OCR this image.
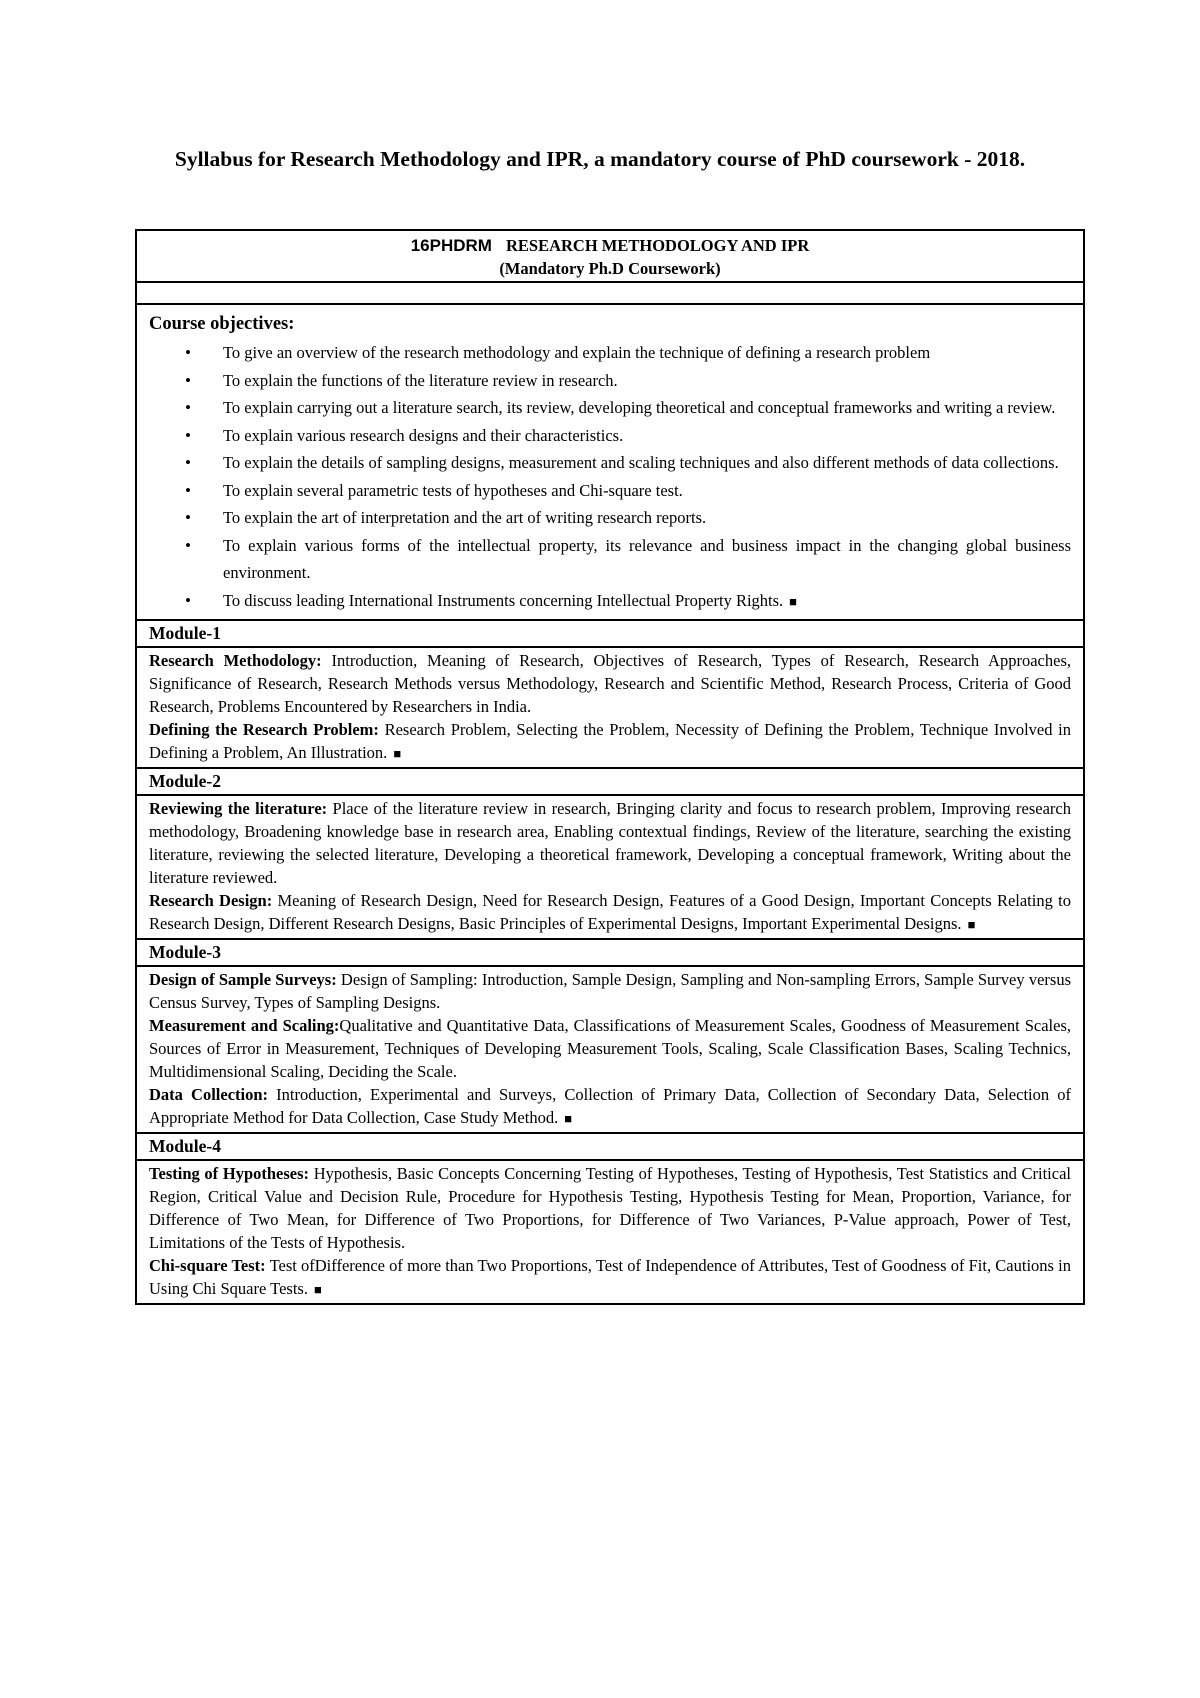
Syllabus for Research Methodology and IPR, a mandatory course of PhD coursework - 2018.
16PHDRM RESEARCH METHODOLOGY AND IPR
(Mandatory Ph.D Coursework)

Course objectives:
• To give an overview of the research methodology and explain the technique of defining a research problem
• To explain the functions of the literature review in research.
• To explain carrying out a literature search, its review, developing theoretical and conceptual frameworks and writing a review.
• To explain various research designs and their characteristics.
• To explain the details of sampling designs, measurement and scaling techniques and also different methods of data collections.
• To explain several parametric tests of hypotheses and Chi-square test.
• To explain the art of interpretation and the art of writing research reports.
• To explain various forms of the intellectual property, its relevance and business impact in the changing global business environment.
• To discuss leading International Instruments concerning Intellectual Property Rights. ■

Module-1

Research Methodology: Introduction, Meaning of Research, Objectives of Research, Types of Research, Research Approaches, Significance of Research, Research Methods versus Methodology, Research and Scientific Method, Research Process, Criteria of Good Research, Problems Encountered by Researchers in India.

Defining the Research Problem: Research Problem, Selecting the Problem, Necessity of Defining the Problem, Technique Involved in Defining a Problem, An Illustration. ■

Module-2

Reviewing the literature: Place of the literature review in research, Bringing clarity and focus to research problem, Improving research methodology, Broadening knowledge base in research area, Enabling contextual findings, Review of the literature, searching the existing literature, reviewing the selected literature, Developing a theoretical framework, Developing a conceptual framework, Writing about the literature reviewed.

Research Design: Meaning of Research Design, Need for Research Design, Features of a Good Design, Important Concepts Relating to Research Design, Different Research Designs, Basic Principles of Experimental Designs, Important Experimental Designs. ■

Module-3

Design of Sample Surveys: Design of Sampling: Introduction, Sample Design, Sampling and Non-sampling Errors, Sample Survey versus Census Survey, Types of Sampling Designs.

Measurement and Scaling:Qualitative and Quantitative Data, Classifications of Measurement Scales, Goodness of Measurement Scales, Sources of Error in Measurement, Techniques of Developing Measurement Tools, Scaling, Scale Classification Bases, Scaling Technics, Multidimensional Scaling, Deciding the Scale.

Data Collection: Introduction, Experimental and Surveys, Collection of Primary Data, Collection of Secondary Data, Selection of Appropriate Method for Data Collection, Case Study Method. ■

Module-4

Testing of Hypotheses: Hypothesis, Basic Concepts Concerning Testing of Hypotheses, Testing of Hypothesis, Test Statistics and Critical Region, Critical Value and Decision Rule, Procedure for Hypothesis Testing, Hypothesis Testing for Mean, Proportion, Variance, for Difference of Two Mean, for Difference of Two Proportions, for Difference of Two Variances, P-Value approach, Power of Test, Limitations of the Tests of Hypothesis.

Chi-square Test: Test ofDifference of more than Two Proportions, Test of Independence of Attributes, Test of Goodness of Fit, Cautions in Using Chi Square Tests. ■
